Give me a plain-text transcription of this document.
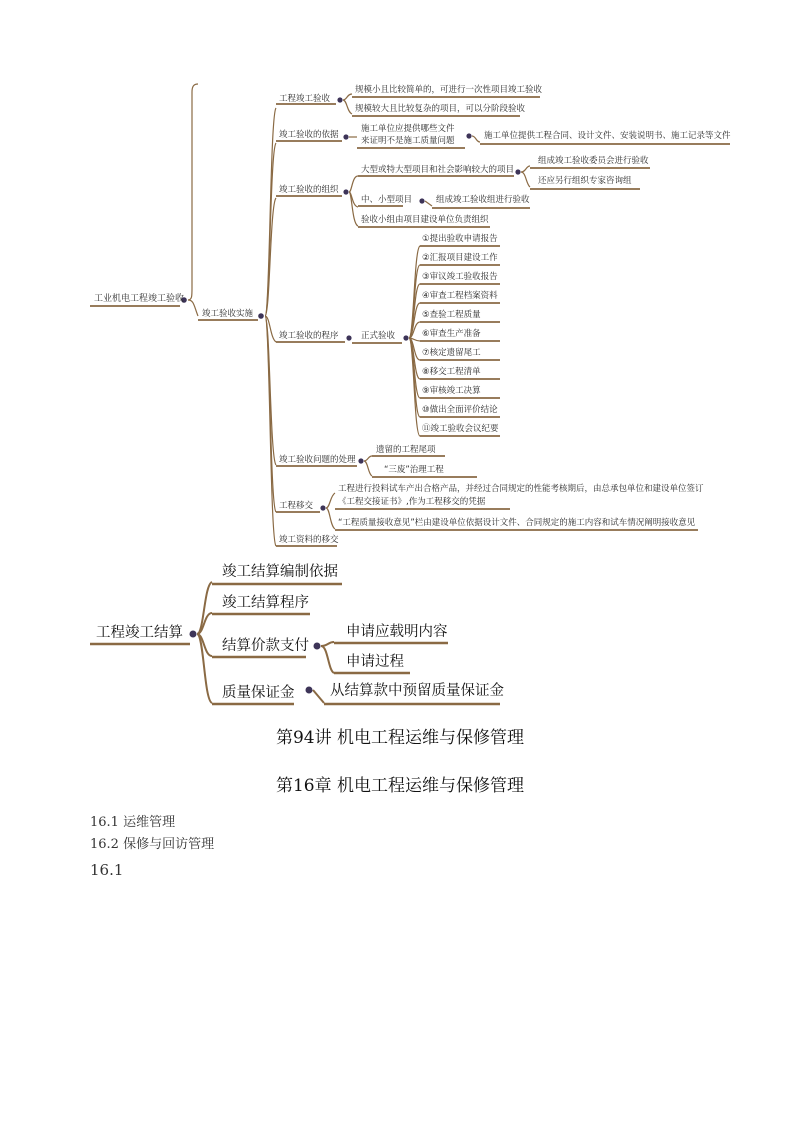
工业机电工程竣工验收
竣工验收实施
工程竣工验收
规模小且比较简单的，可进行一次性项目竣工验收
规模较大且比较复杂的项目，可以分阶段验收
竣工验收的依据
施工单位应提供哪些文件
来证明不是施工质量问题	施工单位提供工程合同、设计文件、安装说明书、施工记录等文件
竣工验收的组织
大型或特大型项目和社会影响较大的项目
组成竣工验收委员会进行验收
还应另行组织专家咨询组
中、小型项目	组成竣工验收组进行验收
验收小组由项目建设单位负责组织
竣工验收的程序	正式验收
①提出验收申请报告
②汇报项目建设工作
③审议竣工验收报告
④审查工程档案资料
⑤查验工程质量
⑥审查生产准备
⑦核定遗留尾工
⑧移交工程清单
⑨审核竣工决算
⑩做出全面评价结论
⑪竣工验收会议纪要
竣工验收问题的处理
遗留的工程尾项
“三废”治理工程
工程移交
工程进行投料试车产出合格产品，并经过合同规定的性能考核期后，由总承包单位和建设单位签订
《工程交接证书》,作为工程移交的凭据
“工程质量接收意见”栏由建设单位依据设计文件、合同规定的施工内容和试车情况阐明接收意见
竣工资料的移交
工程竣工结算
竣工结算编制依据
竣工结算程序
结算价款支付
质量保证金
申请应载明内容
申请过程
从结算款中预留质量保证金
第94讲 机电工程运维与保修管理
第16章 机电工程运维与保修管理
16.1 运维管理
16.2 保修与回访管理
16.1
